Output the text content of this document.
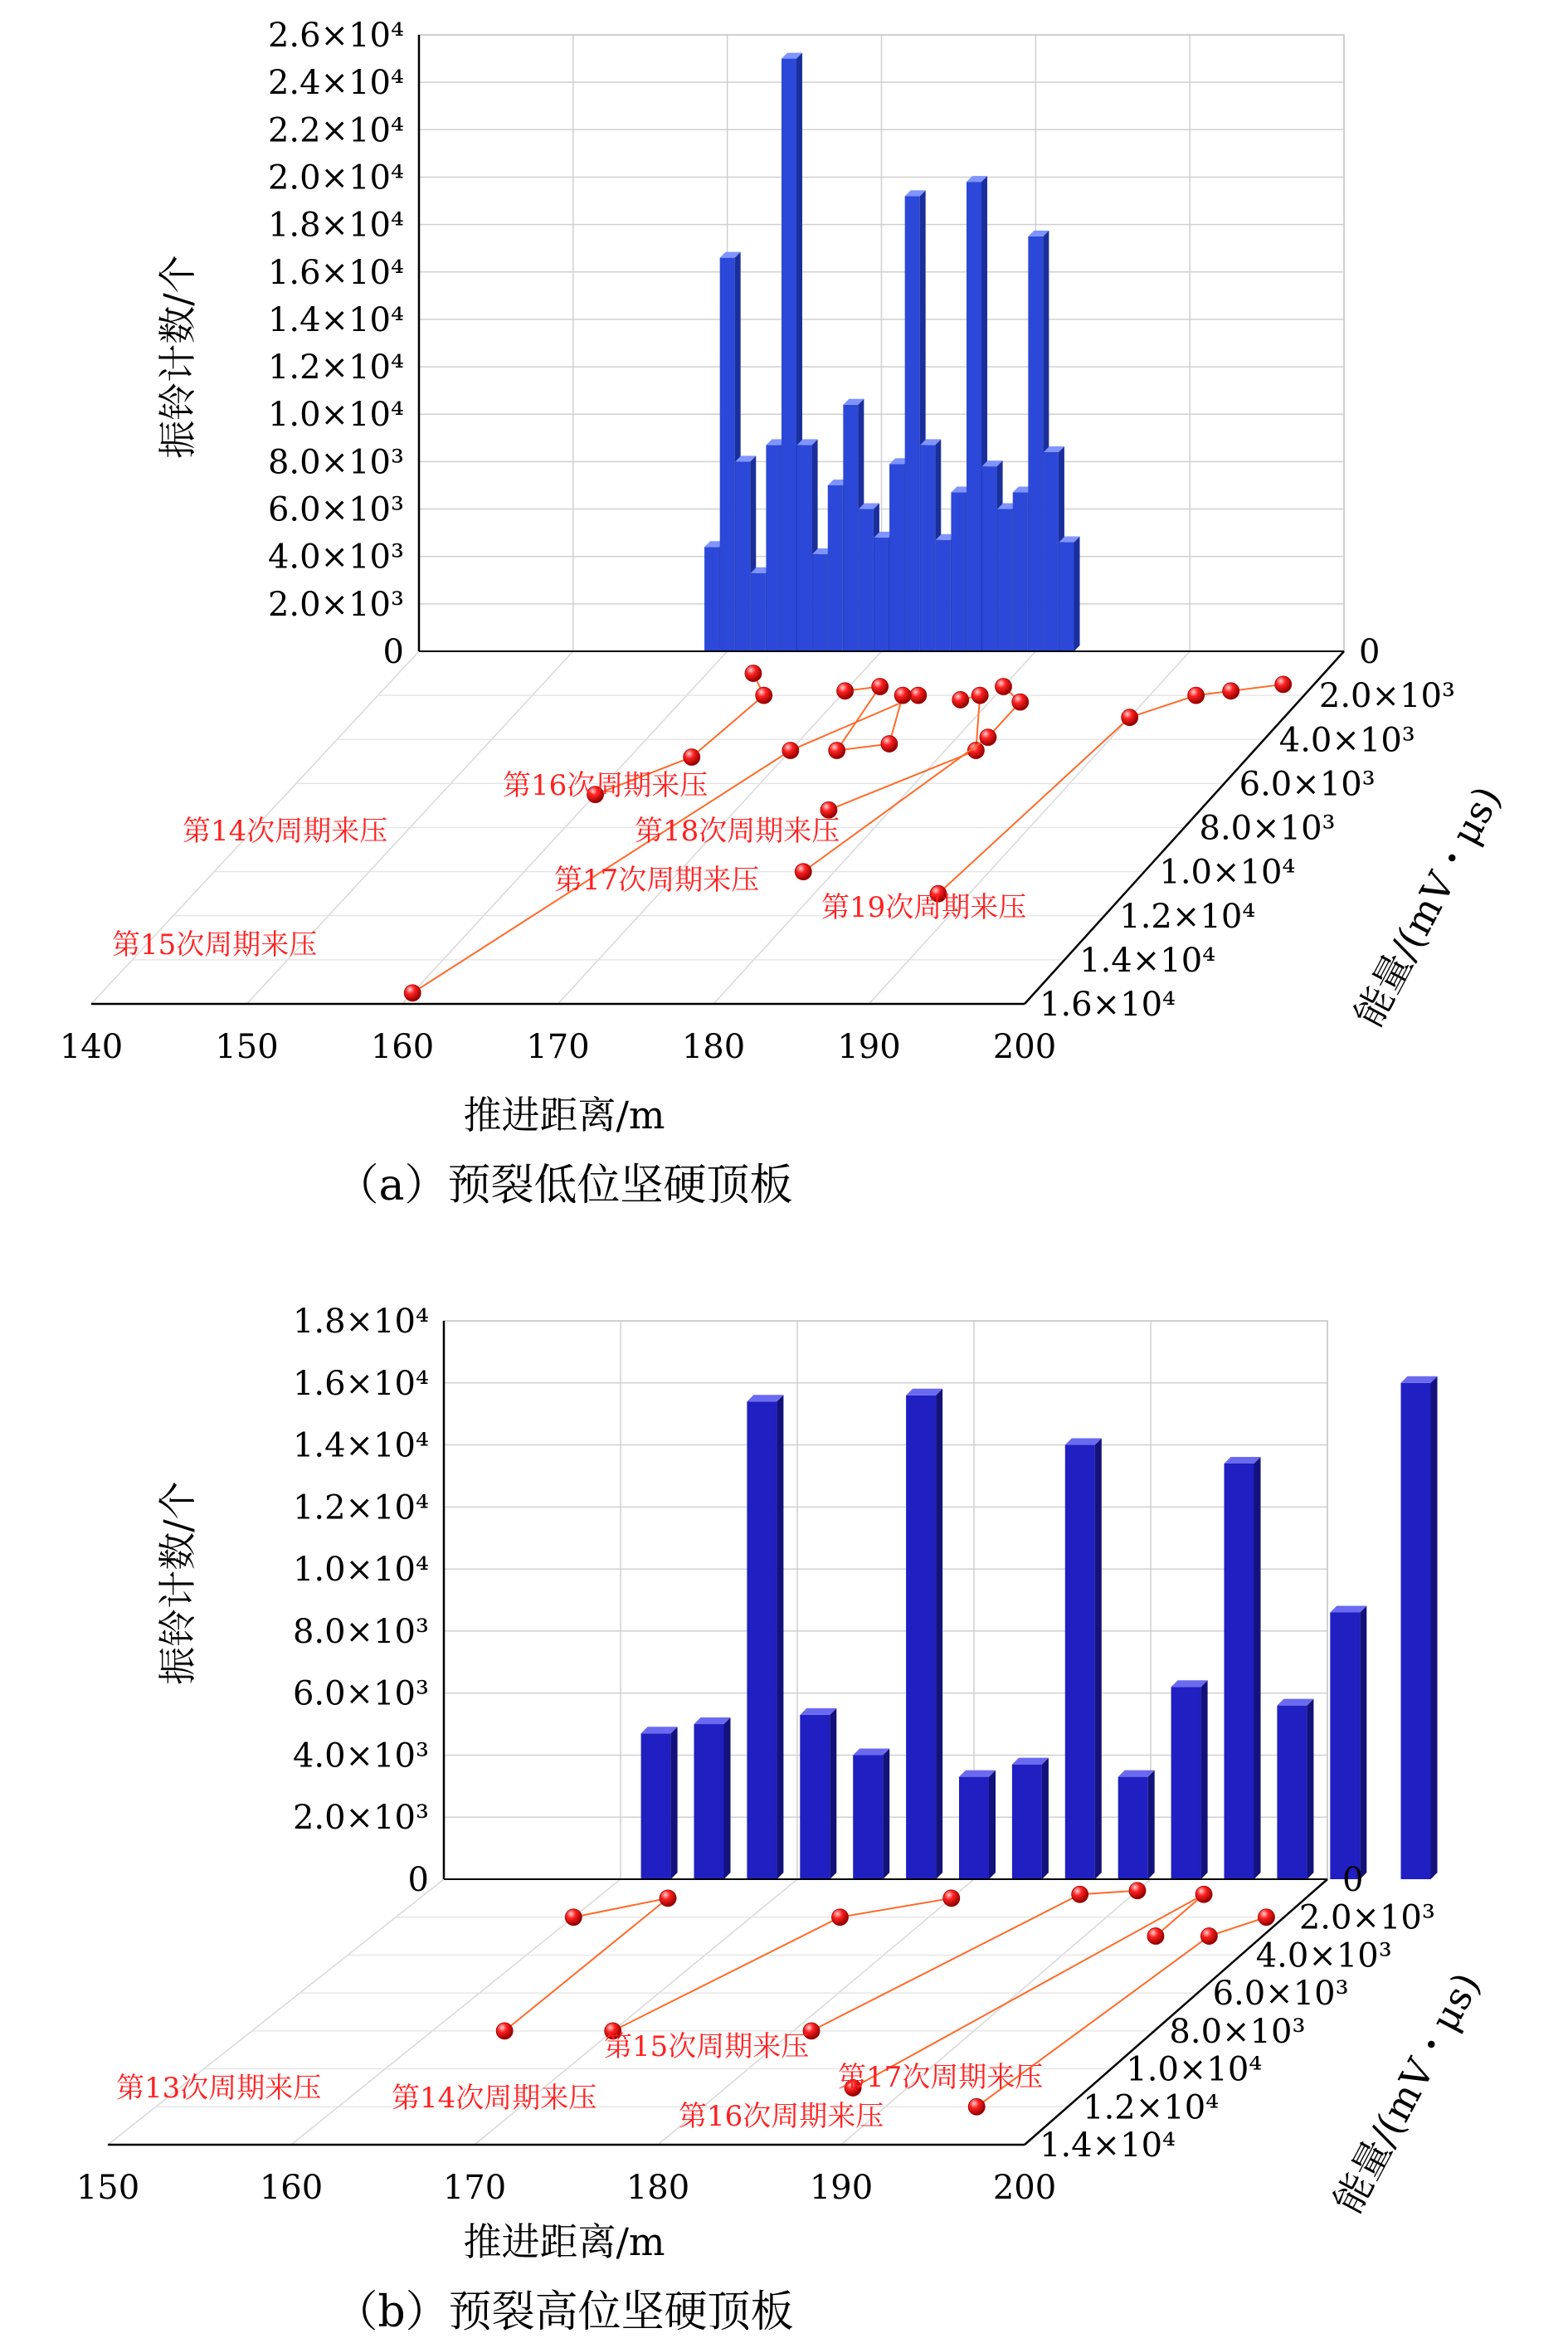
第14次周期来压
第15次周期来压
第16次周期来压
第17次周期来压
第18次周期来压
第19次周期来压
0
2.0×10³
4.0×10³
6.0×10³
8.0×10³
1.0×10⁴
1.2×10⁴
1.4×10⁴
1.6×10⁴
1.8×10⁴
2.0×10⁴
2.2×10⁴
2.4×10⁴
2.6×10⁴
140	150	160	170	180	190	200
0
2.0×10³
4.0×10³
6.0×10³
8.0×10³
1.0×10⁴
1.2×10⁴
1.4×10⁴
1.6×10⁴
振铃计数/个
推进距离/m
能量/(mV・μs)
（a）预裂低位坚硬顶板
第13次周期来压 第14次周期来压
第15次周期来压
第16次周期来压
第17次周期来压
0
2.0×10³
4.0×10³
6.0×10³
8.0×10³
1.0×10⁴
1.2×10⁴
1.4×10⁴
1.6×10⁴
1.8×10⁴
150	160	170	180	190	200
0
2.0×10³
4.0×10³
6.0×10³
8.0×10³
1.0×10⁴
1.2×10⁴
1.4×10⁴
振铃计数/个
推进距离/m
能量/(mV・μs)
（b）预裂高位坚硬顶板
